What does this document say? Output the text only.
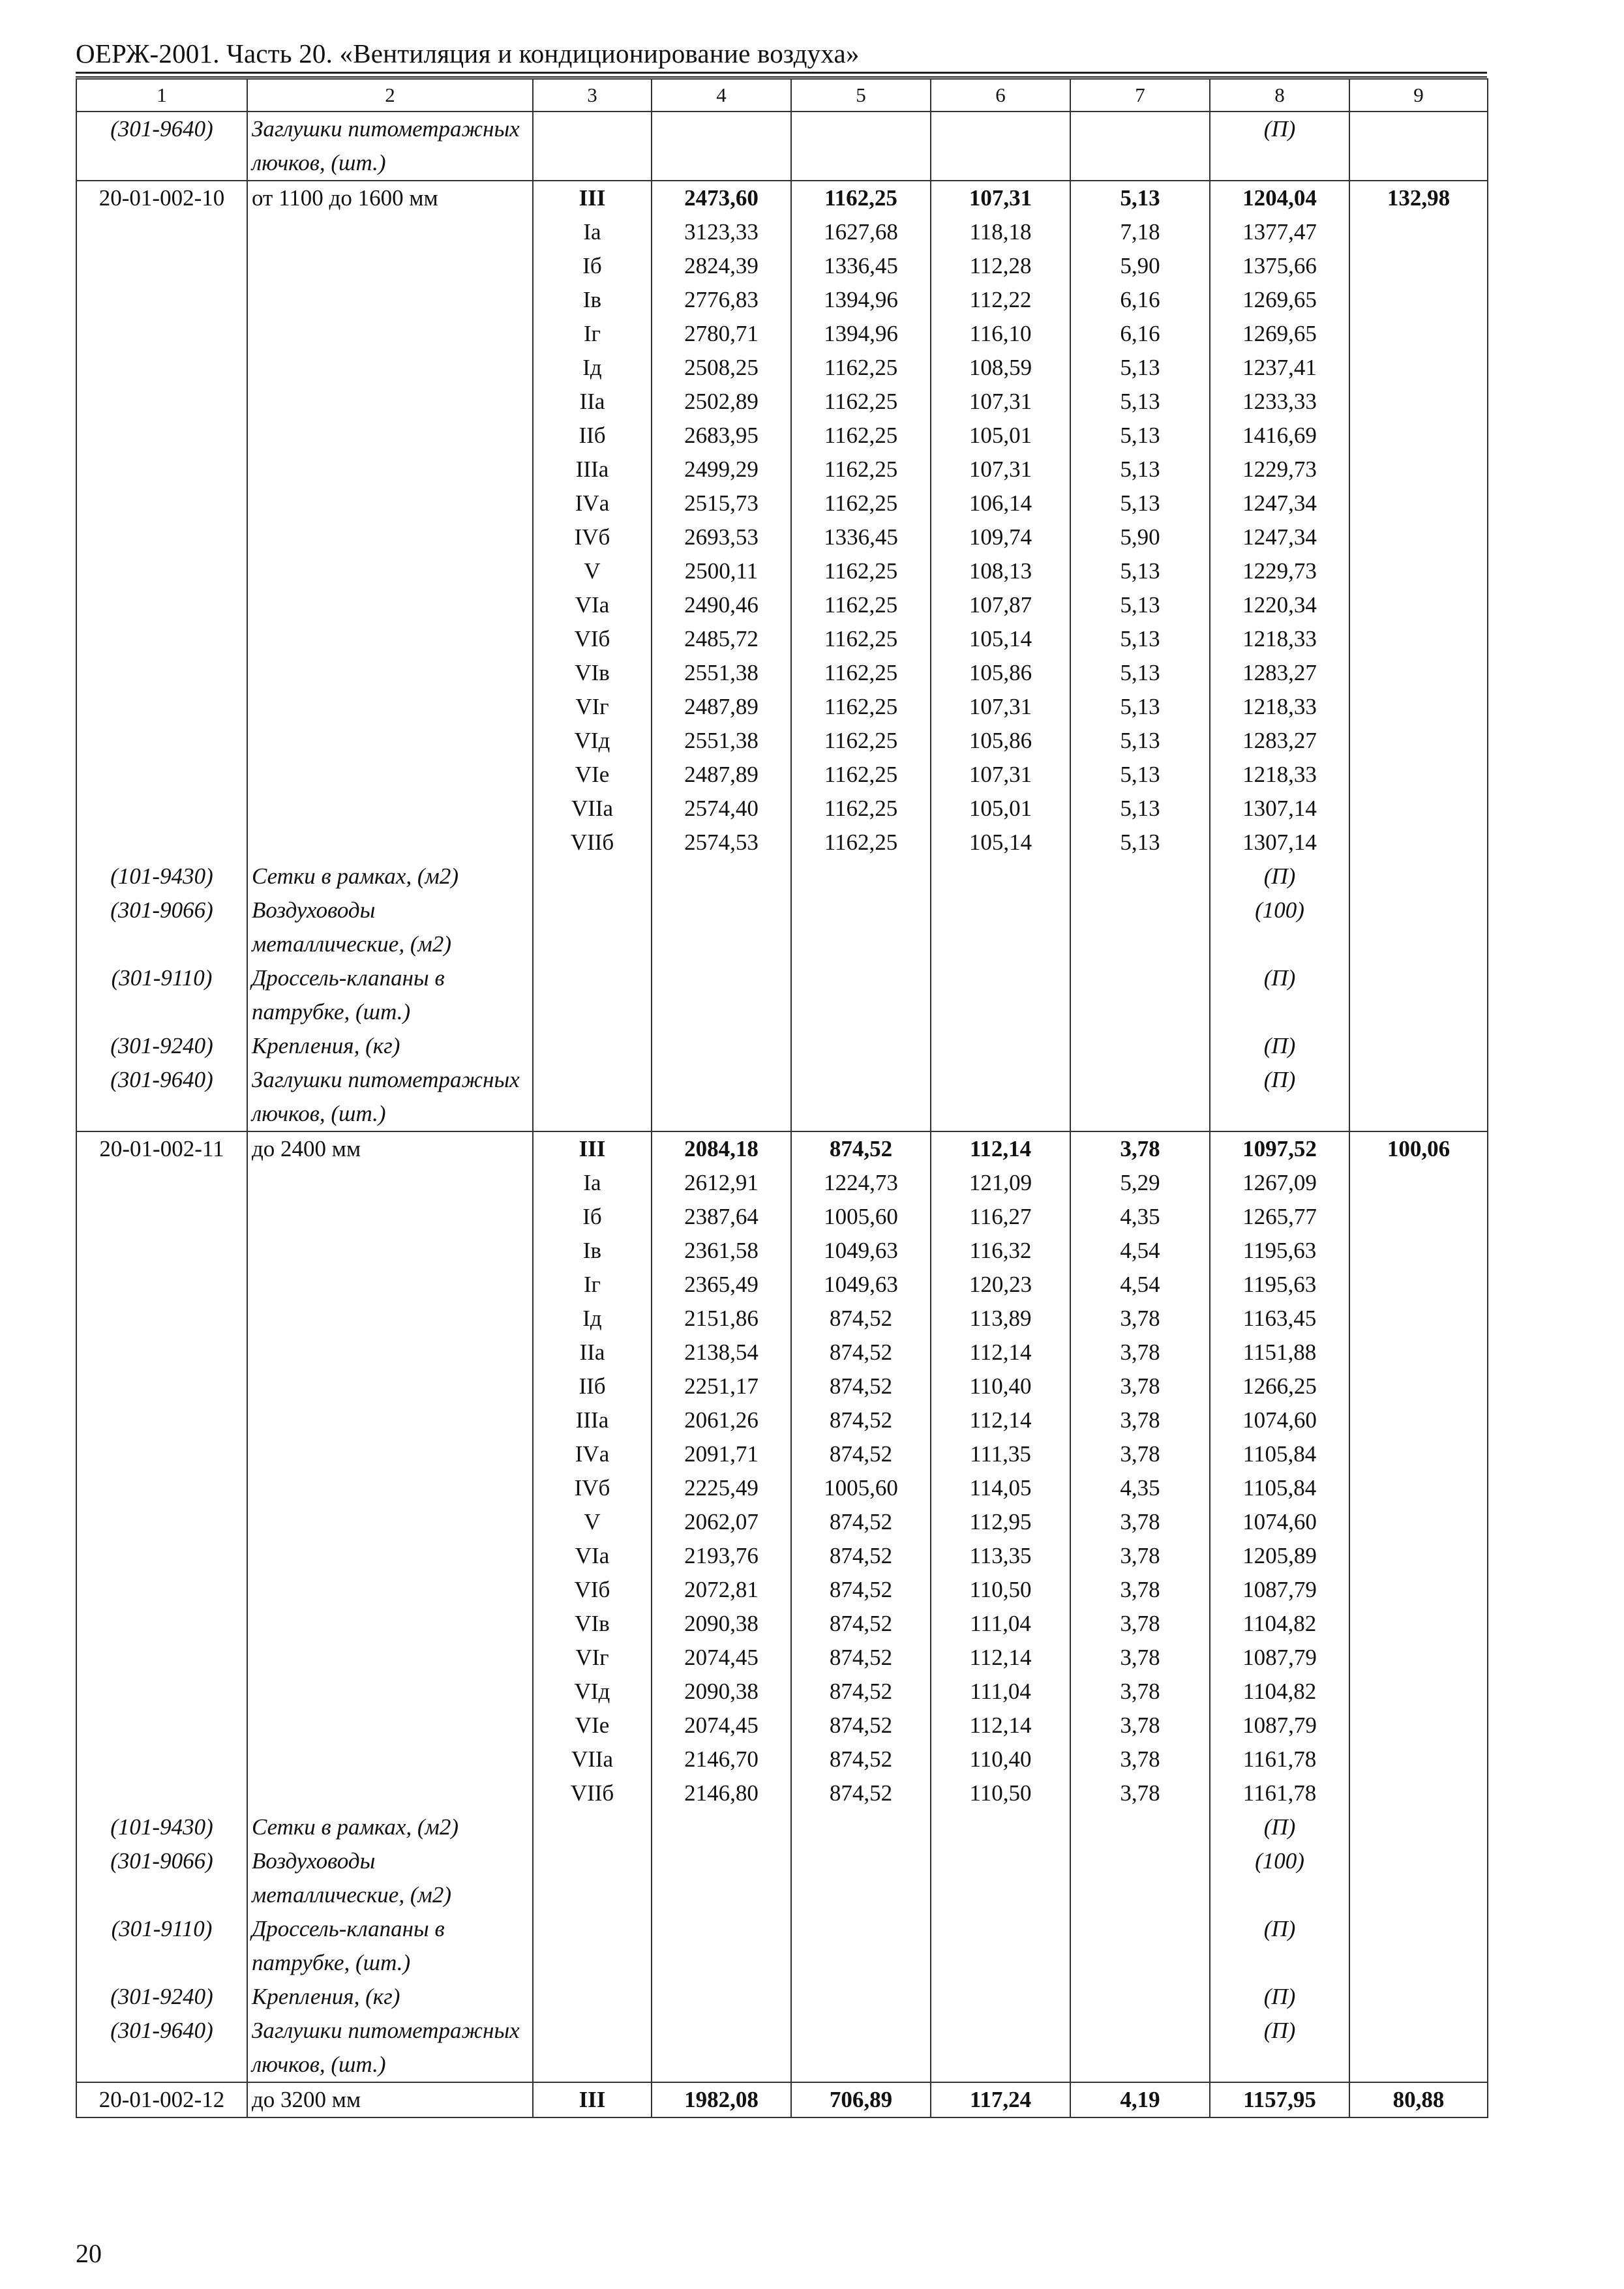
ОЕРЖ-2001. Часть 20. «Вентиляция и кондиционирование воздуха»
1	2	3	4	5	6	7	8	9
(301-9640)	Заглушки питометражных лючков, (шт.)						(П)	
20-01-002-10	от 1100 до 1600 мм	III	2473,60	1162,25	107,31	5,13	1204,04	132,98
		Iа	3123,33	1627,68	118,18	7,18	1377,47	
		Iб	2824,39	1336,45	112,28	5,90	1375,66	
		Iв	2776,83	1394,96	112,22	6,16	1269,65	
		Iг	2780,71	1394,96	116,10	6,16	1269,65	
		Iд	2508,25	1162,25	108,59	5,13	1237,41	
		IIа	2502,89	1162,25	107,31	5,13	1233,33	
		IIб	2683,95	1162,25	105,01	5,13	1416,69	
		IIIа	2499,29	1162,25	107,31	5,13	1229,73	
		IVа	2515,73	1162,25	106,14	5,13	1247,34	
		IVб	2693,53	1336,45	109,74	5,90	1247,34	
		V	2500,11	1162,25	108,13	5,13	1229,73	
		VIа	2490,46	1162,25	107,87	5,13	1220,34	
		VIб	2485,72	1162,25	105,14	5,13	1218,33	
		VIв	2551,38	1162,25	105,86	5,13	1283,27	
		VIг	2487,89	1162,25	107,31	5,13	1218,33	
		VIд	2551,38	1162,25	105,86	5,13	1283,27	
		VIе	2487,89	1162,25	107,31	5,13	1218,33	
		VIIа	2574,40	1162,25	105,01	5,13	1307,14	
		VIIб	2574,53	1162,25	105,14	5,13	1307,14	
(101-9430)	Сетки в рамках, (м2)						(П)	
(301-9066)	Воздуховоды металлические, (м2)						(100)	
(301-9110)	Дроссель-клапаны в патрубке, (шт.)						(П)	
(301-9240)	Крепления, (кг)						(П)	
(301-9640)	Заглушки питометражных лючков, (шт.)						(П)	
20-01-002-11	до 2400 мм	III	2084,18	874,52	112,14	3,78	1097,52	100,06
		Iа	2612,91	1224,73	121,09	5,29	1267,09	
		Iб	2387,64	1005,60	116,27	4,35	1265,77	
		Iв	2361,58	1049,63	116,32	4,54	1195,63	
		Iг	2365,49	1049,63	120,23	4,54	1195,63	
		Iд	2151,86	874,52	113,89	3,78	1163,45	
		IIа	2138,54	874,52	112,14	3,78	1151,88	
		IIб	2251,17	874,52	110,40	3,78	1266,25	
		IIIа	2061,26	874,52	112,14	3,78	1074,60	
		IVа	2091,71	874,52	111,35	3,78	1105,84	
		IVб	2225,49	1005,60	114,05	4,35	1105,84	
		V	2062,07	874,52	112,95	3,78	1074,60	
		VIа	2193,76	874,52	113,35	3,78	1205,89	
		VIб	2072,81	874,52	110,50	3,78	1087,79	
		VIв	2090,38	874,52	111,04	3,78	1104,82	
		VIг	2074,45	874,52	112,14	3,78	1087,79	
		VIд	2090,38	874,52	111,04	3,78	1104,82	
		VIе	2074,45	874,52	112,14	3,78	1087,79	
		VIIа	2146,70	874,52	110,40	3,78	1161,78	
		VIIб	2146,80	874,52	110,50	3,78	1161,78	
(101-9430)	Сетки в рамках, (м2)						(П)	
(301-9066)	Воздуховоды металлические, (м2)						(100)	
(301-9110)	Дроссель-клапаны в патрубке, (шт.)						(П)	
(301-9240)	Крепления, (кг)						(П)	
(301-9640)	Заглушки питометражных лючков, (шт.)						(П)	
20-01-002-12	до 3200 мм	III	1982,08	706,89	117,24	4,19	1157,95	80,88
20
